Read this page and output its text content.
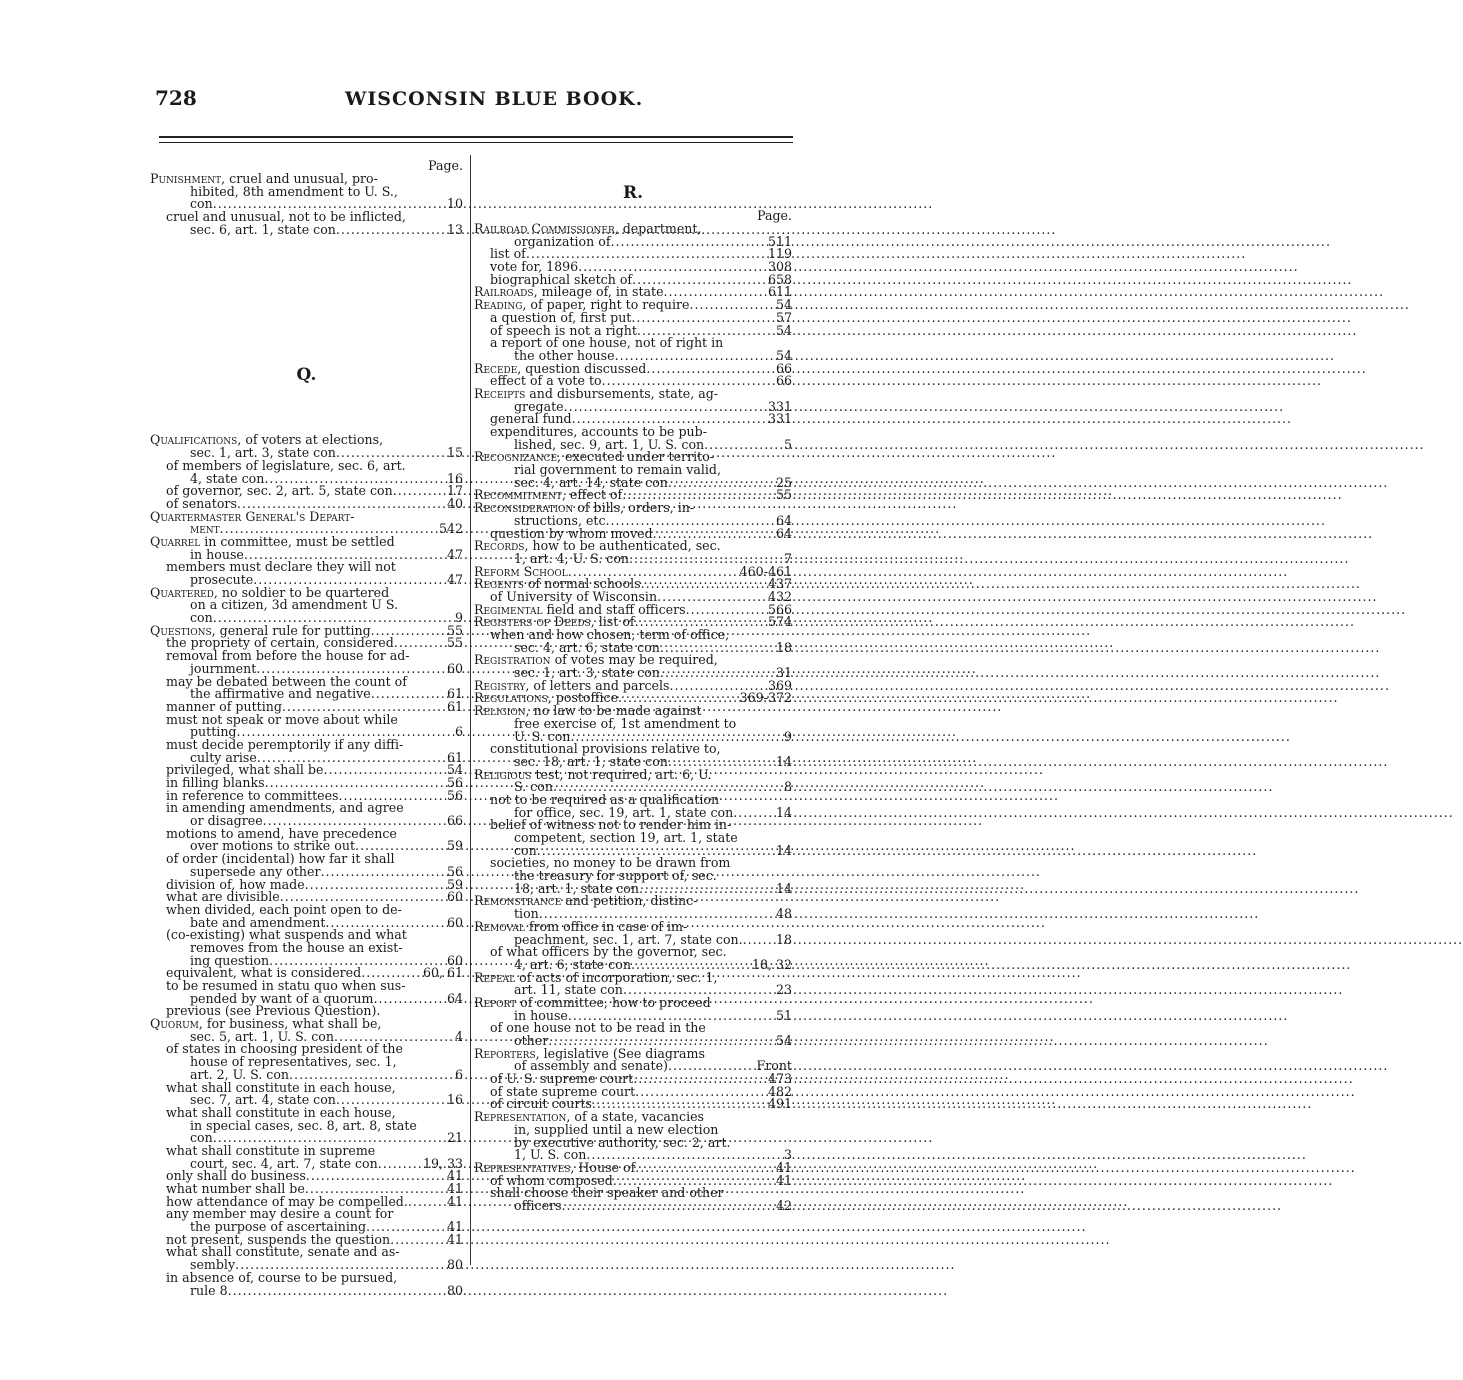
728	WISCONSIN BLUE BOOK.
Page.
Punishment, cruel and unusual, pro-
hibited, 8th amendment to U. S.,
con .....	10
cruel and unusual, not to be inflicted,
sec. 6, art. 1, state con .....	13
Q.
Qualifications, of voters at elections,
sec. 1, art. 3, state con .....	15
of members of legislature, sec. 6, art.
4, state con .....	16
of governor, sec. 2, art. 5, state con .....	17
of senators .....	40
Quartermaster General's Depart-
ment .....	542
Quarrel in committee, must be settled
in house .....	47
members must declare they will not
prosecute .....	47
Quartered, no soldier to be quartered
on a citizen, 3d amendment U S.
con .....	9
Questions, general rule for putting .....	55
the propriety of certain, considered .....	55
removal from before the house for ad-
journment .....	60
may be debated between the count of
the affirmative and negative .....	61
manner of putting .....	61
must not speak or move about while
putting .....	6
must decide peremptorily if any diffi-
culty arise .....	61
privileged, what shall be .....	54
in filling blanks .....	56
in reference to committees .....	56
in amending amendments, and agree
or disagree .....	66
motions to amend, have precedence
over motions to strike out .....	59
of order (incidental) how far it shall
supersede any other .....	56
division of, how made .....	59
what are divisible .....	60
when divided, each point open to de-
bate and amendment .....	60
(co-existing) what suspends and what
removes from the house an exist-
ing question .....	60
equivalent, what is considered .....	60, 61
to be resumed in statu quo when sus-
pended by want of a quorum .....	64
previous (see Previous Question).
Quorum, for business, what shall be,
sec. 5, art. 1, U. S. con .....	4
of states in choosing president of the
house of representatives, sec. 1,
art. 2, U. S. con .....	6
what shall constitute in each house,
sec. 7, art. 4, state con .....	16
what shall constitute in each house,
in special cases, sec. 8, art. 8, state
con .....	21
what shall constitute in supreme
court, sec. 4, art. 7, state con .....	19, 33
only shall do business .....	41
what number shall be .....	41
how attendance of may be compelled. .....	41
any member may desire a count for
the purpose of ascertaining .....	41
not present, suspends the question .....	41
what shall constitute, senate and as-
sembly .....	80
in absence of, course to be pursued,
rule 8 .....	80
R.
Page.
Railroad Commissioner, department,
organization of .....	511
list of .....	119
vote for, 1896 .....	308
biographical sketch of .....	658
Railroads, mileage of, in state .....	611
Reading, of paper, right to require .....	54
a question of, first put .....	57
of speech is not a right .....	54
a report of one house, not of right in
the other house .....	54
Recede, question discussed .....	66
effect of a vote to .....	66
Receipts and disbursements, state, ag-
gregate .....	331
general fund .....	331
expenditures, accounts to be pub-
lished, sec. 9, art. 1, U. S. con .....	5
Recognizance, executed under territo-
rial government to remain valid,
sec. 4, art. 14, state con .....	25
Recommitment, effect of .....	55
Reconsideration of bills, orders, in-
structions, etc .....	64
question by whom moved .....	64
Records, how to be authenticated, sec.
1, art. 4, U. S. con .....	7
Reform School .....	460-461
Regents of normal schools .....	437
of University of Wisconsin .....	432
Regimental field and staff officers .....	566
Registers of Deeds, list of .....	574
when and how chosen, term of office,
sec. 4, art. 6, state con .....	18
Registration of votes may be required,
sec. 1, art. 3, state con .....	31
Registry, of letters and parcels .....	369
Regulations, postoffice .....	369-372
Religion, no law to be made against
free exercise of, 1st amendment to
U. S. con .....	9
constitutional provisions relative to,
sec. 18, art. 1, state con .....	14
Religious test, not required, art. 6, U.
S. con .....	8
not to be required as a qualification
for office, sec. 19, art. 1, state con .....	14
belief of witness not to render him in-
competent, section 19, art. 1, state
con .....	14
societies, no money to be drawn from
the treasury for support of, sec.
18, art. 1, state con .....	14
Remonstrance and petition, distinc-
tion .....	48
Removal from office in case of im-
peachment, sec. 1, art. 7, state con. .....	18
of what officers by the governor, sec.
4, art. 6, state con .....	18, 32
Repeal of acts of incorporation, sec. 1,
art. 11, state con .....	23
Report of committee, how to proceed
in house .....	51
of one house not to be read in the
other .....	54
Reporters, legislative (See diagrams
of assembly and senate) .....	Front
of U. S. supreme court .....	473
of state supreme court .....	482
of circuit courts .....	491
Representation, of a state, vacancies
in, supplied until a new election
by executive authority, sec. 2, art.
1, U. S. con .....	3
Representatives, House of .....	41
of whom composed .....	41
shall choose their speaker and other
officers .....	42
